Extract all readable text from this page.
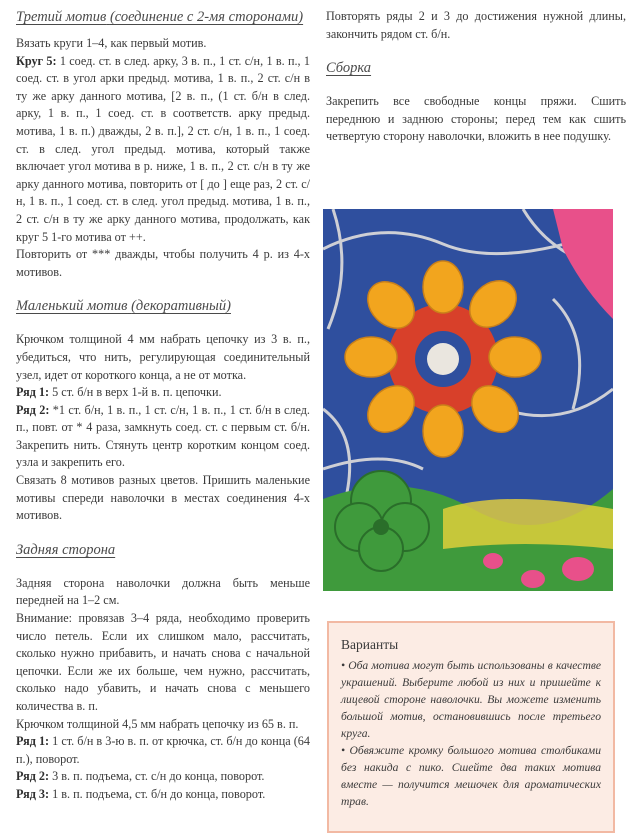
Третий мотив (соединение с 2-мя сторонами)

Вязать круги 1–4, как первый мотив.

Круг 5: 1 соед. ст. в след. арку, 3 в. п., 1 ст. с/н, 1 в. п., 1 соед. ст. в угол арки предыд. мотива, 1 в. п., 2 ст. с/н в ту же арку данного мотива, [2 в. п., (1 ст. б/н в след. арку, 1 в. п., 1 соед. ст. в соответств. арку предыд. мотива, 1 в. п.) дважды, 2 в. п.], 2 ст. с/н, 1 в. п., 1 соед. ст. в след. угол предыд. мотива, который также включает угол мотива в р. ниже, 1 в. п., 2 ст. с/н в ту же арку данного мотива, повторить от [ до ] еще раз, 2 ст. с/н, 1 в. п., 1 соед. ст. в след. угол предыд. мотива, 1 в. п., 2 ст. с/н в ту же арку данного мотива, продолжать, как круг 5 1-го мотива от ++.

Повторить от *** дважды, чтобы получить 4 р. из 4-х мотивов.

Маленький мотив (декоративный)

Крючком толщиной 4 мм набрать цепочку из 3 в. п., убедиться, что нить, регулирующая соединительный узел, идет от короткого конца, а не от мотка.

Ряд 1: 5 ст. б/н в верх 1-й в. п. цепочки.

Ряд 2: *1 ст. б/н, 1 в. п., 1 ст. с/н, 1 в. п., 1 ст. б/н в след. п., повт. от * 4 раза, замкнуть соед. ст. с первым ст. б/н. Закрепить нить. Стянуть центр коротким концом соед. узла и закрепить его.

Связать 8 мотивов разных цветов. Пришить маленькие мотивы спереди наволочки в местах соединения 4-х мотивов.

Задняя сторона

Задняя сторона наволочки должна быть меньше передней на 1–2 см.

Внимание: провязав 3–4 ряда, необходимо проверить число петель. Если их слишком мало, рассчитать, сколько нужно прибавить, и начать снова с начальной цепочки. Если же их больше, чем нужно, рассчитать, сколько надо убавить, и начать снова с меньшего количества в. п.

Крючком толщиной 4,5 мм набрать цепочку из 65 в. п.

Ряд 1: 1 ст. б/н в 3-ю в. п. от крючка, ст. б/н до конца (64 п.), поворот.

Ряд 2: 3 в. п. подъема, ст. с/н до конца, поворот.

Ряд 3: 1 в. п. подъема, ст. б/н до конца, поворот.

Повторять ряды 2 и 3 до достижения нужной длины, закончить рядом ст. б/н.

Сборка

Закрепить все свободные концы пряжи. Сшить переднюю и заднюю стороны; перед тем как сшить четвертую сторону наволочки, вложить в нее подушку.

Варианты

• Оба мотива могут быть использованы в качестве украшений. Выберите любой из них и пришейте к лицевой стороне наволочки. Вы можете изменить большой мотив, остановившись после третьего круга.

• Обвяжите кромку большого мотива столбиками без накида с пико. Сшейте два таких мотива вместе — получится мешочек для ароматических трав.
